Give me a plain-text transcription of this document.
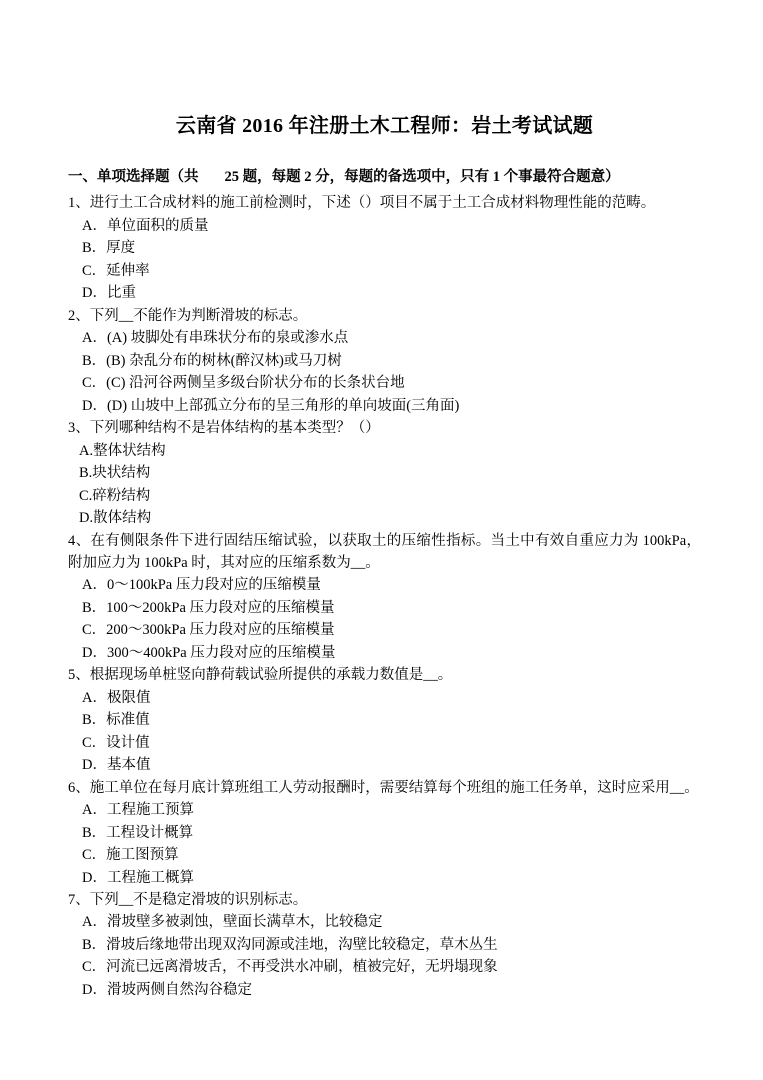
云南省 2016 年注册土木工程师：岩土考试试题

一、单项选择题（共 25 题，每题 2 分，每题的备选项中，只有 1 个事最符合题意）

1、进行土工合成材料的施工前检测时，下述（）项目不属于土工合成材料物理性能的范畴。

A．单位面积的质量

B．厚度

C．延伸率

D．比重

2、下列__不能作为判断滑坡的标志。

A．(A) 坡脚处有串珠状分布的泉或渗水点

B．(B) 杂乱分布的树林(醉汉林)或马刀树

C．(C) 沿河谷两侧呈多级台阶状分布的长条状台地

D．(D) 山坡中上部孤立分布的呈三角形的单向坡面(三角面)

3、下列哪种结构不是岩体结构的基本类型？（）

A.整体状结构

B.块状结构

C.碎粉结构

D.散体结构

4、在有侧限条件下进行固结压缩试验，以获取土的压缩性指标。当土中有效自重应力为 100kPa，附加应力为 100kPa 时，其对应的压缩系数为__。

A．0～100kPa 压力段对应的压缩模量

B．100～200kPa 压力段对应的压缩模量

C．200～300kPa 压力段对应的压缩模量

D．300～400kPa 压力段对应的压缩模量

5、根据现场单桩竖向静荷载试验所提供的承载力数值是__。

A．极限值

B．标准值

C．设计值

D．基本值

6、施工单位在每月底计算班组工人劳动报酬时，需要结算每个班组的施工任务单，这时应采用__。

A．工程施工预算

B．工程设计概算

C．施工图预算

D．工程施工概算

7、下列__不是稳定滑坡的识别标志。

A．滑坡壁多被剥蚀，壁面长满草木，比较稳定

B．滑坡后缘地带出现双沟同源或洼地，沟壁比较稳定，草木丛生

C．河流已远离滑坡舌，不再受洪水冲刷，植被完好，无坍塌现象

D．滑坡两侧自然沟谷稳定
